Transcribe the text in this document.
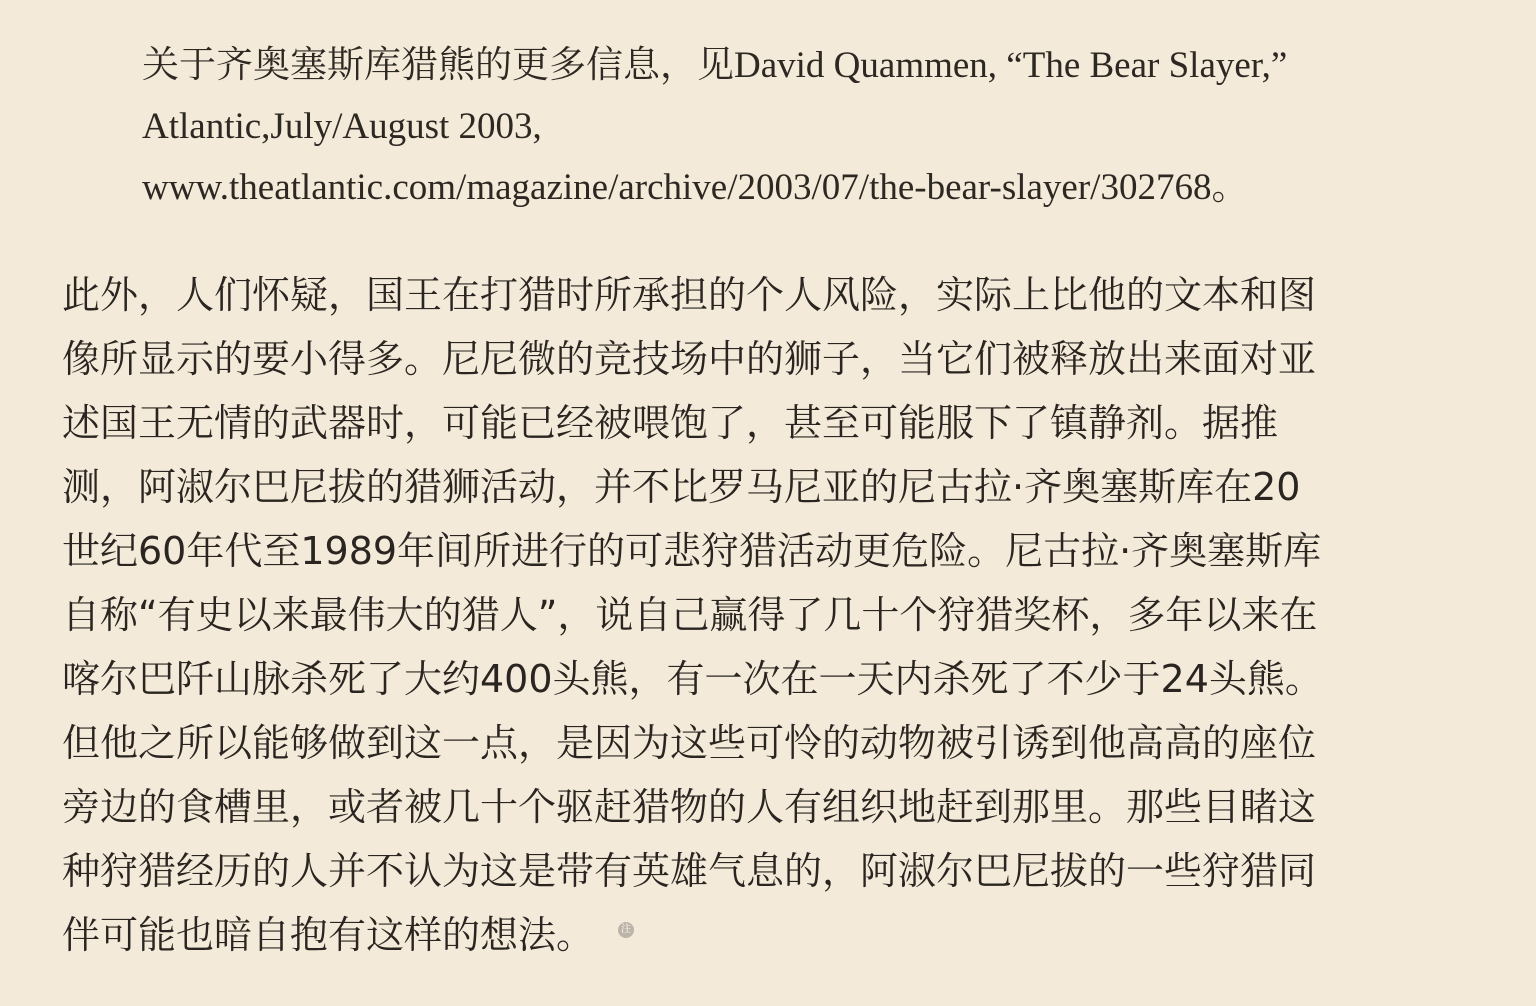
关于齐奥塞斯库猎熊的更多信息，见David Quammen, “The Bear Slayer,”
Atlantic,July/August 2003,
www.theatlantic.com/magazine/archive/2003/07/the-bear-slayer/302768。
此外，人们怀疑，国王在打猎时所承担的个人风险，实际上比他的文本和图
像所显示的要小得多。尼尼微的竞技场中的狮子，当它们被释放出来面对亚
述国王无情的武器时，可能已经被喂饱了，甚至可能服下了镇静剂。据推
测，阿淑尔巴尼拔的猎狮活动，并不比罗马尼亚的尼古拉·齐奥塞斯库在20
世纪60年代至1989年间所进行的可悲狩猎活动更危险。尼古拉·齐奥塞斯库
自称“有史以来最伟大的猎人”，说自己赢得了几十个狩猎奖杯，多年以来在
喀尔巴阡山脉杀死了大约400头熊，有一次在一天内杀死了不少于24头熊。
但他之所以能够做到这一点，是因为这些可怜的动物被引诱到他高高的座位
旁边的食槽里，或者被几十个驱赶猎物的人有组织地赶到那里。那些目睹这
种狩猎经历的人并不认为这是带有英雄气息的，阿淑尔巴尼拔的一些狩猎同
伴可能也暗自抱有这样的想法。	注
